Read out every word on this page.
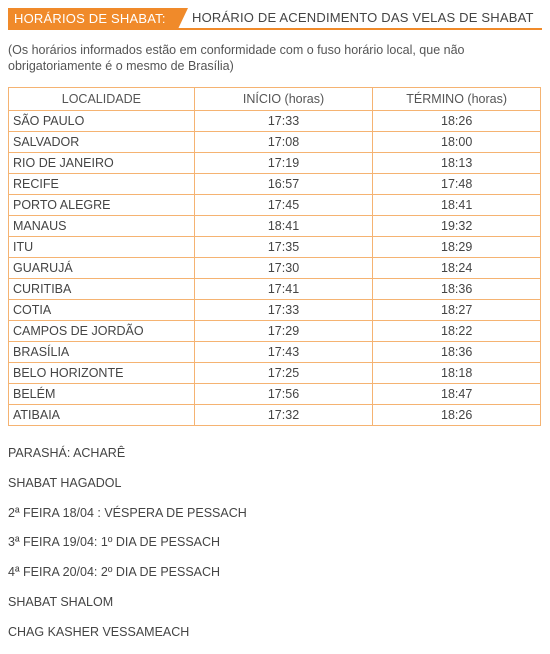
HORÁRIOS DE SHABAT:	HORÁRIO DE ACENDIMENTO DAS VELAS DE SHABAT
(Os horários informados estão em conformidade com o fuso horário local, que não obrigatoriamente é o mesmo de Brasília)
LOCALIDADE	INÍCIO (horas)	TÉRMINO (horas)
SÃO PAULO	17:33	18:26
SALVADOR	17:08	18:00
RIO DE JANEIRO	17:19	18:13
RECIFE	16:57	17:48
PORTO ALEGRE	17:45	18:41
MANAUS	18:41	19:32
ITU	17:35	18:29
GUARUJÁ	17:30	18:24
CURITIBA	17:41	18:36
COTIA	17:33	18:27
CAMPOS DE JORDÃO	17:29	18:22
BRASÍLIA	17:43	18:36
BELO HORIZONTE	17:25	18:18
BELÉM	17:56	18:47
ATIBAIA	17:32	18:26
PARASHÁ: ACHARÊ
SHABAT HAGADOL
2ª FEIRA 18/04 : VÉSPERA DE PESSACH
3ª FEIRA 19/04: 1º DIA DE PESSACH
4ª FEIRA 20/04: 2º DIA DE PESSACH
SHABAT SHALOM
CHAG KASHER VESSAMEACH
